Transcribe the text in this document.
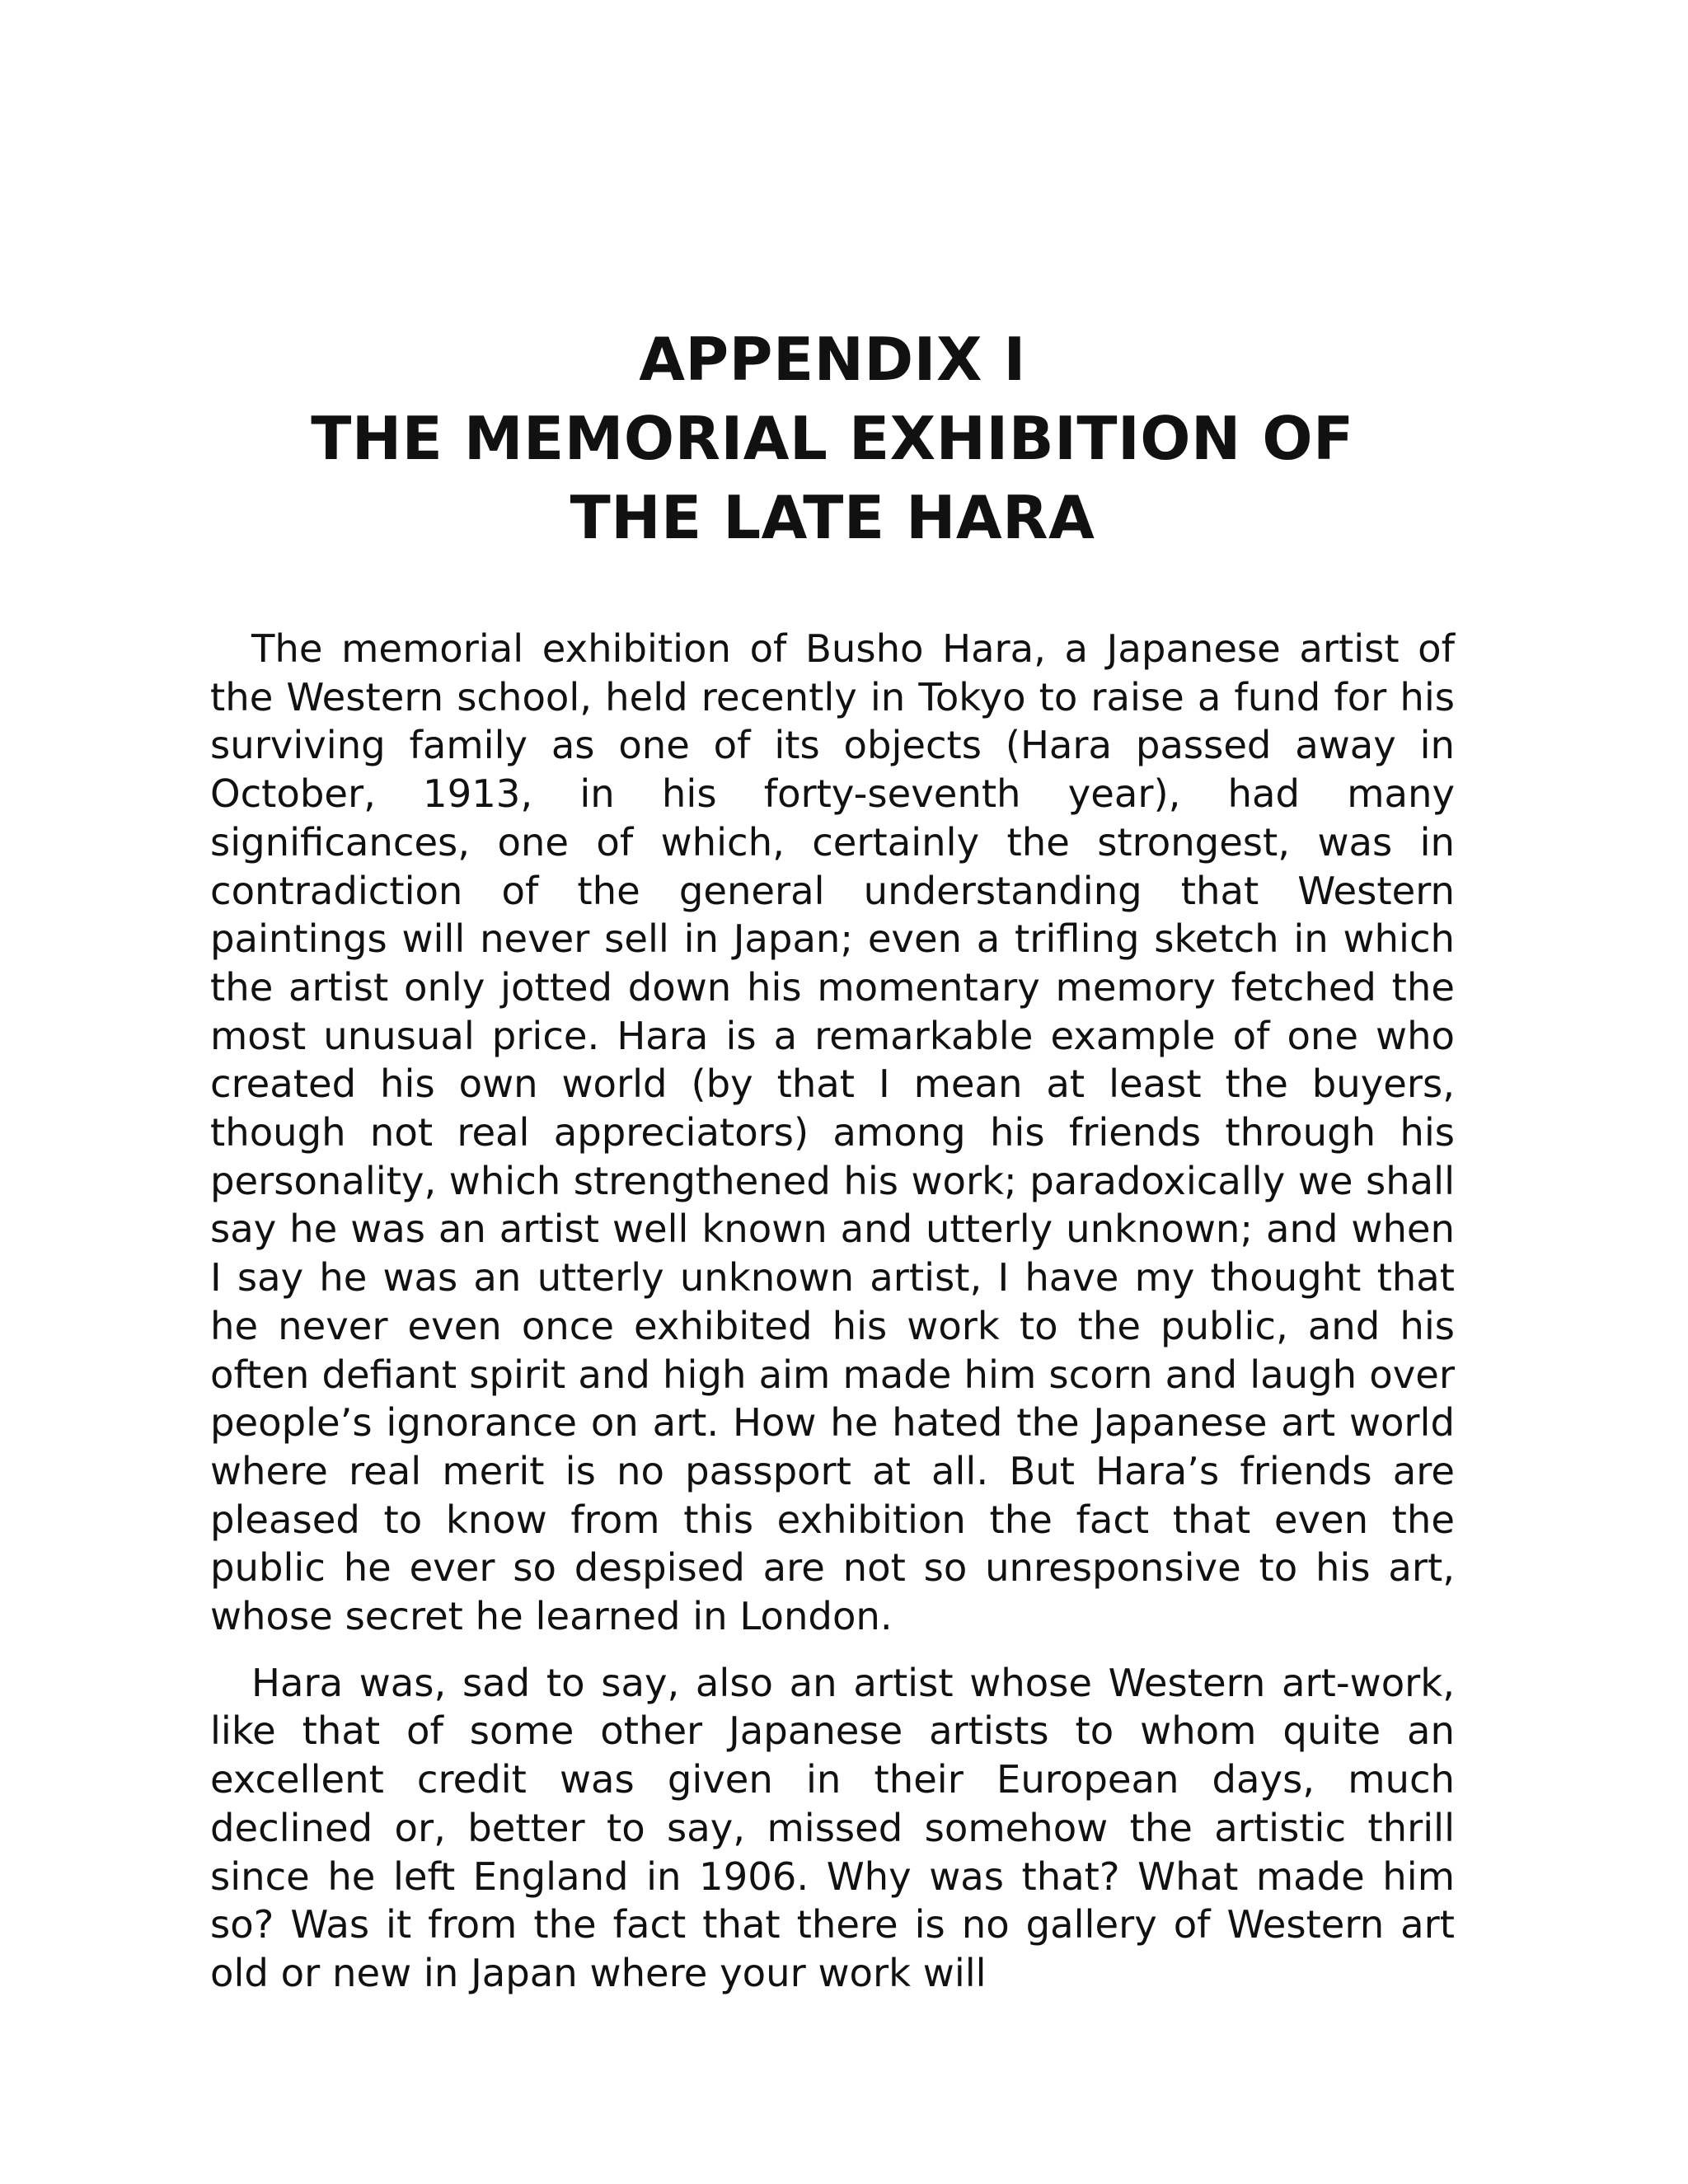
APPENDIX I
THE MEMORIAL EXHIBITION OF
THE LATE HARA

The memorial exhibition of Busho Hara, a Japanese artist of the Western school, held recently in Tokyo to raise a fund for his surviving family as one of its objects (Hara passed away in October, 1913, in his forty-seventh year), had many significances, one of which, certainly the strongest, was in contradiction of the general understanding that Western paintings will never sell in Japan; even a trifling sketch in which the artist only jotted down his momentary memory fetched the most unusual price. Hara is a remarkable example of one who created his own world (by that I mean at least the buyers, though not real appreciators) among his friends through his personality, which strengthened his work; paradoxically we shall say he was an artist well known and utterly unknown; and when I say he was an utterly unknown artist, I have my thought that he never even once exhibited his work to the public, and his often defiant spirit and high aim made him scorn and laugh over people’s ignorance on art. How he hated the Japanese art world where real merit is no passport at all. But Hara’s friends are pleased to know from this exhibition the fact that even the public he ever so despised are not so unresponsive to his art, whose secret he learned in London.

Hara was, sad to say, also an artist whose Western art-work, like that of some other Japanese artists to whom quite an excellent credit was given in their European days, much declined or, better to say, missed somehow the artistic thrill since he left England in 1906. Why was that? What made him so? Was it from the fact that there is no gallery of Western art old or new in Japan where your work will
